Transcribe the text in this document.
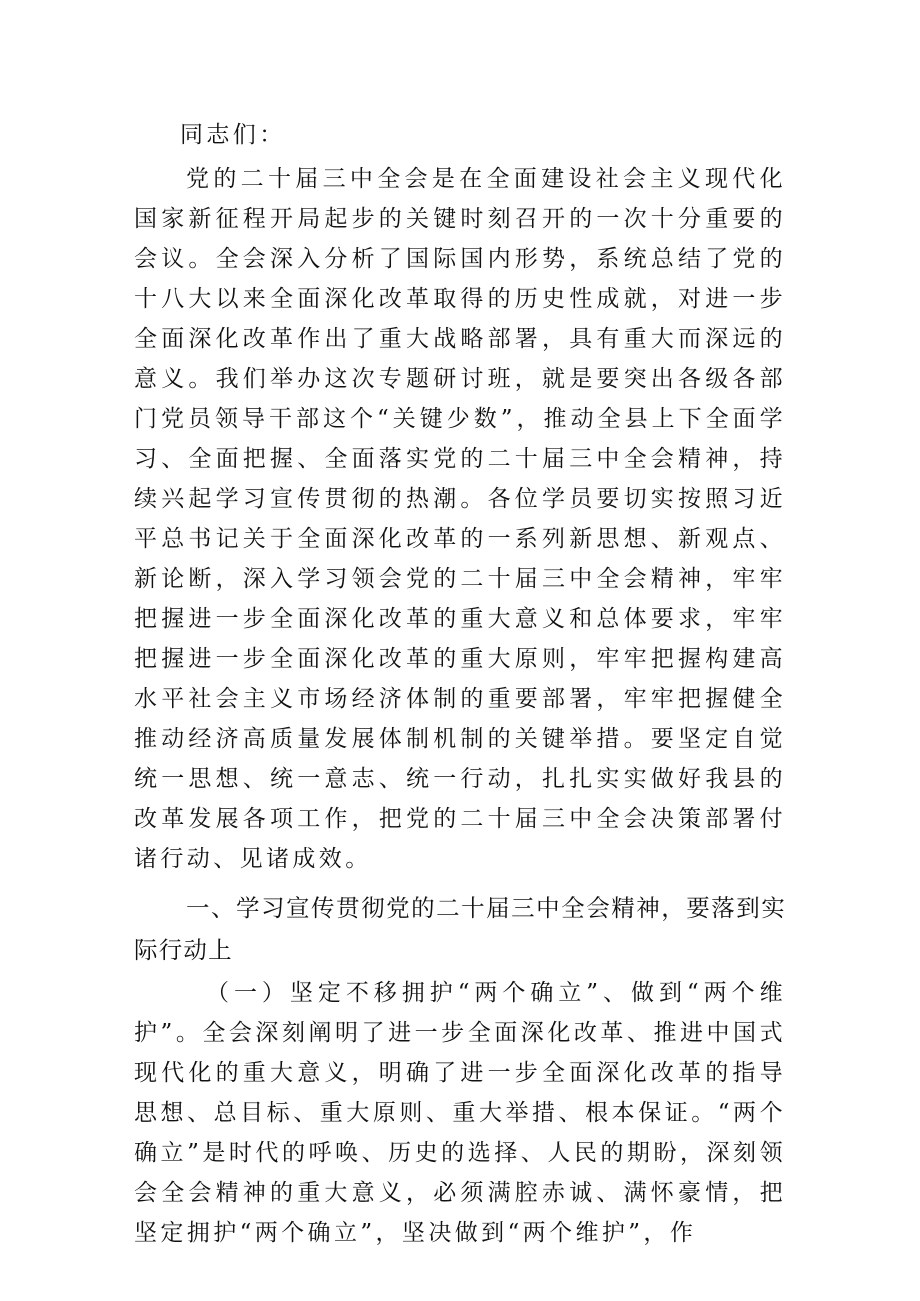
同志们：

党的二十届三中全会是在全面建设社会主义现代化国家新征程开局起步的关键时刻召开的一次十分重要的会议。全会深入分析了国际国内形势，系统总结了党的十八大以来全面深化改革取得的历史性成就，对进一步全面深化改革作出了重大战略部署，具有重大而深远的意义。我们举办这次专题研讨班，就是要突出各级各部门党员领导干部这个“关键少数”，推动全县上下全面学习、全面把握、全面落实党的二十届三中全会精神，持续兴起学习宣传贯彻的热潮。各位学员要切实按照习近平总书记关于全面深化改革的一系列新思想、新观点、新论断，深入学习领会党的二十届三中全会精神，牢牢把握进一步全面深化改革的重大意义和总体要求，牢牢把握进一步全面深化改革的重大原则，牢牢把握构建高水平社会主义市场经济体制的重要部署，牢牢把握健全推动经济高质量发展体制机制的关键举措。要坚定自觉统一思想、统一意志、统一行动，扎扎实实做好我县的改革发展各项工作，把党的二十届三中全会决策部署付诸行动、见诸成效。

一、学习宣传贯彻党的二十届三中全会精神，要落到实际行动上

（一）坚定不移拥护“两个确立”、做到“两个维护”。全会深刻阐明了进一步全面深化改革、推进中国式现代化的重大意义，明确了进一步全面深化改革的指导思想、总目标、重大原则、重大举措、根本保证。“两个确立”是时代的呼唤、历史的选择、人民的期盼，深刻领会全会精神的重大意义，必须满腔赤诚、满怀豪情，把坚定拥护“两个确立”，坚决做到“两个维护”，作
